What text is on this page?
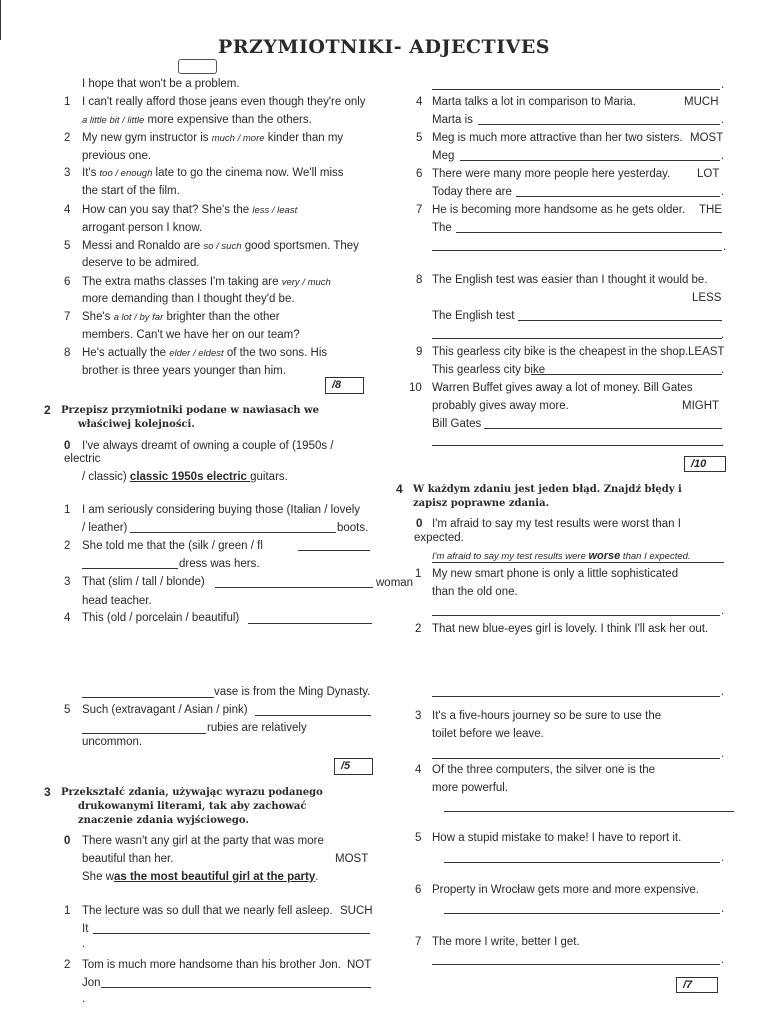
PRZYMIOTNIKI- ADJECTIVES
I hope that won't be a problem.
1 I can't really afford those jeans even though they're only
a little bit / little more expensive than the others.
2 My new gym instructor is much / more kinder than my
previous one.
3 It's too / enough late to go the cinema now. We'll miss
the start of the film.
4 How can you say that? She's the less / least
arrogant person I know.
5 Messi and Ronaldo are so / such good sportsmen. They
deserve to be admired.
6 The extra maths classes I'm taking are very / much
more demanding than I thought they'd be.
7 She's a lot / by far brighter than the other
members. Can't we have her on our team?
8 He's actually the elder / eldest of the two sons. His
brother is three years younger than him.
/8
2 Przepisz przymiotniki podane w nawiasach we
właściwej kolejności.
0 I've always dreamt of owning a couple of (1950s /
electric
/ classic) classic 1950s electric guitars.
1 I am seriously considering buying those (Italian / lovely
/ leather)	boots.
2 She told me that the (silk / green / fl
dress was hers.
3 That (slim / tall / blonde)	woman
head teacher.
4 This (old / porcelain / beautiful)
vase is from the Ming Dynasty.
5 Such (extravagant / Asian / pink)
rubies are relatively
uncommon.
/5
3 Przekształć zdania, używając wyrazu podanego
drukowanymi literami, tak aby zachować
znaczenie zdania wyjściowego.
0 There wasn't any girl at the party that was more
beautiful than her.	MOST
She was the most beautiful girl at the party.
1 The lecture was so dull that we nearly fell asleep. SUCH
It
.
2 Tom is much more handsome than his brother Jon. NOT
Jon
.
.
4 Marta talks a lot in comparison to Maria.	MUCH
Marta is	.
5 Meg is much more attractive than her two sisters. MOST
Meg	.
6 There were many more people here yesterday. LOT
Today there are	.
7 He is becoming more handsome as he gets older. THE
The
.
8 The English test was easier than I thought it would be.
LESS
The English test
.
9 This gearless city bike is the cheapest in the shop. LEAST
This gearless city bike	.
10 Warren Buffet gives away a lot of money. Bill Gates
probably gives away more.	MIGHT
Bill Gates
.
/10
4 W każdym zdaniu jest jeden błąd. Znajdź błędy i
zapisz poprawne zdania.
0 I'm afraid to say my test results were worst than I
expected.
I'm afraid to say my test results were worse than I expected.
1 My new smart phone is only a little sophisticated
than the old one.
.
2 That new blue-eyes girl is lovely. I think I'll ask her out.
.
3 It's a five-hours journey so be sure to use the
toilet before we leave.
.
4 Of the three computers, the silver one is the
more powerful.
5 How a stupid mistake to make! I have to report it.
.
6 Property in Wrocław gets more and more expensive.
.
7 The more I write, better I get.
.
/7
